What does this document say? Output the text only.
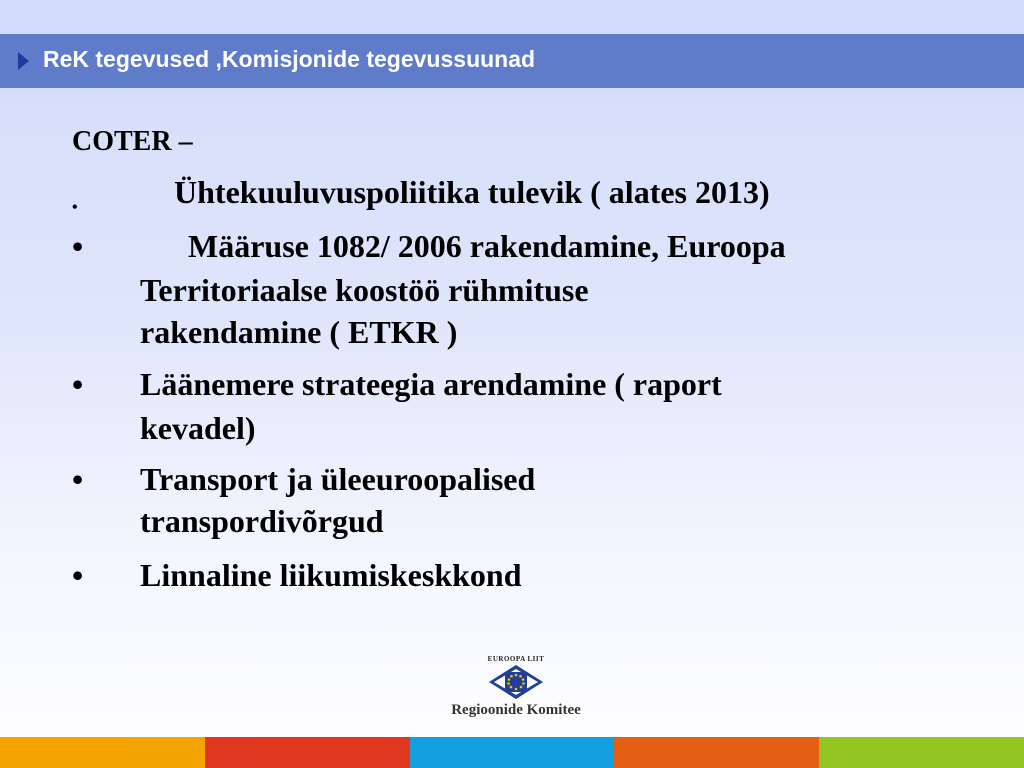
ReK tegevused ,Komisjonide tegevussuunad
COTER –
•	Ühtekuuluvuspoliitika tulevik ( alates 2013)
•	Määruse 1082/ 2006 rakendamine, Euroopa
Territoriaalse koostöö rühmituse
rakendamine ( ETKR )
• Läänemere strateegia arendamine ( raport
kevadel)
• Transport ja üleeuroopalised
transpordivõrgud
• Linnaline liikumiskeskkond
EUROOPA LIIT
Regioonide Komitee
